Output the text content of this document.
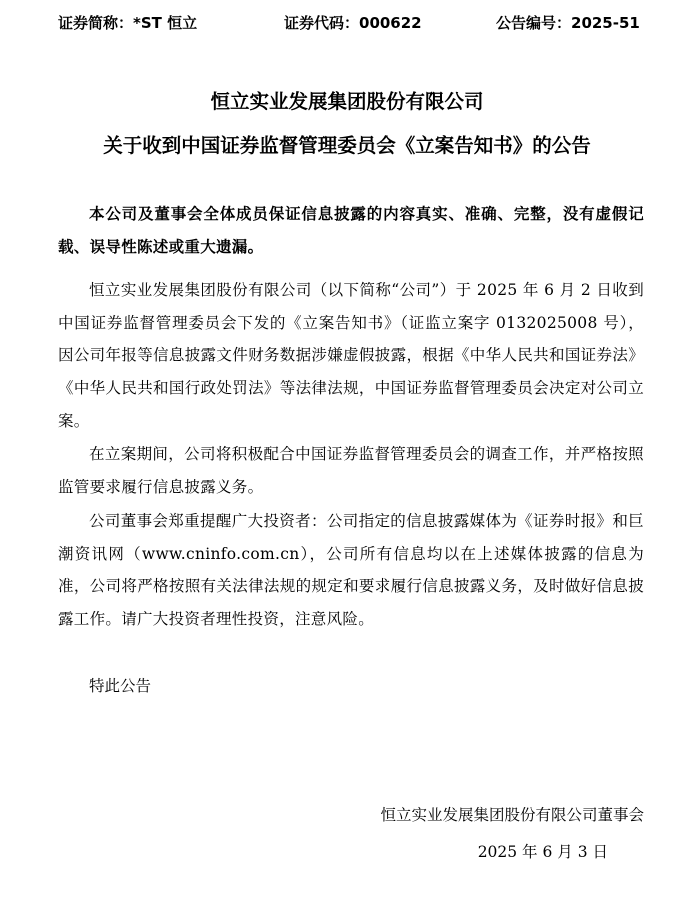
证券简称：*ST 恒立	证券代码：000622	公告编号：2025-51
恒立实业发展集团股份有限公司
关于收到中国证券监督管理委员会《立案告知书》的公告
本公司及董事会全体成员保证信息披露的内容真实、准确、完整，没有虚假记载、误导性陈述或重大遗漏。
恒立实业发展集团股份有限公司（以下简称“公司”）于 2025 年 6 月 2 日收到中国证券监督管理委员会下发的《立案告知书》（证监立案字 0132025008 号），因公司年报等信息披露文件财务数据涉嫌虚假披露，根据《中华人民共和国证券法》《中华人民共和国行政处罚法》等法律法规，中国证券监督管理委员会决定对公司立案。
在立案期间，公司将积极配合中国证券监督管理委员会的调查工作，并严格按照监管要求履行信息披露义务。
公司董事会郑重提醒广大投资者：公司指定的信息披露媒体为《证券时报》和巨潮资讯网（www.cninfo.com.cn），公司所有信息均以在上述媒体披露的信息为准，公司将严格按照有关法律法规的规定和要求履行信息披露义务，及时做好信息披露工作。请广大投资者理性投资，注意风险。
特此公告
恒立实业发展集团股份有限公司董事会
2025 年 6 月 3 日
